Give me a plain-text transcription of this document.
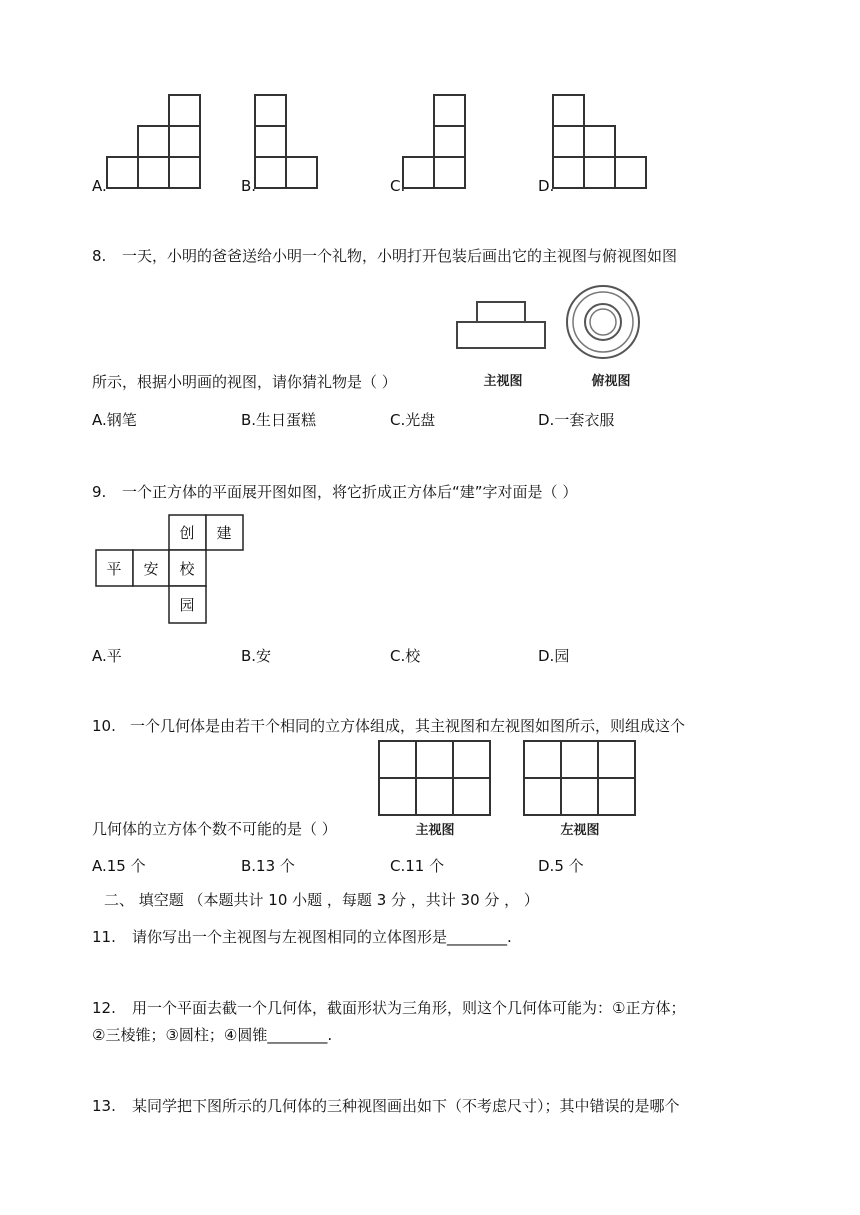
A.	B.	C.	D.
8. 一天，小明的爸爸送给小明一个礼物，小明打开包装后画出它的主视图与俯视图如图
主视图	俯视图
所示，根据小明画的视图，请你猜礼物是（ ）
A.钢笔	B.生日蛋糕	C.光盘	D.一套衣服
9. 一个正方体的平面展开图如图，将它折成正方体后“建”字对面是（ ）
创 建
平 安 校
园
A.平	B.安	C.校	D.园
10. 一个几何体是由若干个相同的立方体组成，其主视图和左视图如图所示，则组成这个
主视图	左视图
几何体的立方体个数不可能的是（ ）
A.15 个	B.13 个	C.11 个	D.5 个
二、 填空题 （本题共计 10 小题 ，每题 3 分 ，共计 30 分 ， ）
11. 请你写出一个主视图与左视图相同的立体图形是________.
12. 用一个平面去截一个几何体，截面形状为三角形，则这个几何体可能为：①正方体；
②三棱锥；③圆柱；④圆锥________.
13. 某同学把下图所示的几何体的三种视图画出如下（不考虑尺寸）；其中错误的是哪个
